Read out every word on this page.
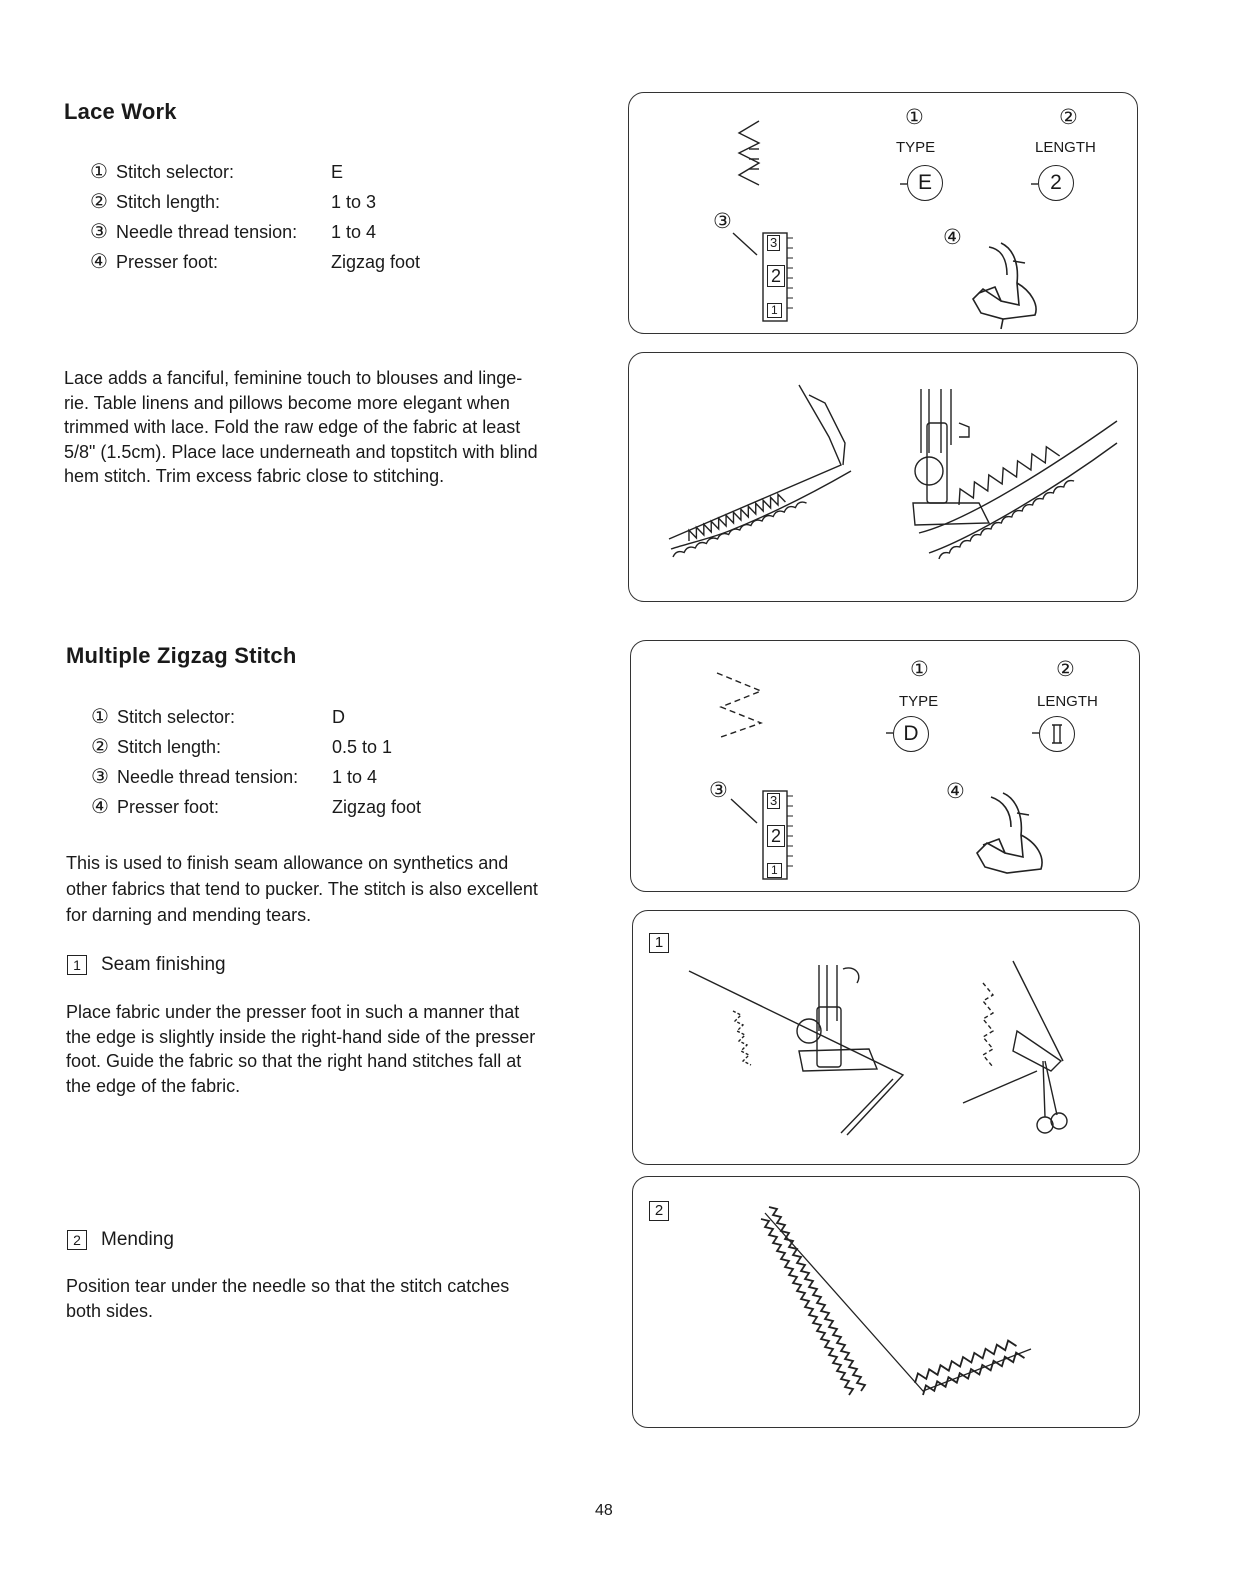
Lace Work
① Stitch selector:	E
② Stitch length:	1 to 3
③ Needle thread tension:	1 to 4
④ Presser foot:	Zigzag foot
Lace adds a fanciful, feminine touch to blouses and linge-
rie. Table linens and pillows become more elegant when
trimmed with lace. Fold the raw edge of the fabric at least
5/8" (1.5cm). Place lace underneath and topstitch with blind
hem stitch. Trim excess fabric close to stitching.
①	②
TYPE	LENGTH
E	2
③
④
3
2
1
Multiple Zigzag Stitch
① Stitch selector:	D
② Stitch length:	0.5 to 1
③ Needle thread tension:	1 to 4
④ Presser foot:	Zigzag foot
This is used to finish seam allowance on synthetics and
other fabrics that tend to pucker. The stitch is also excellent
for darning and mending tears.
1	Seam finishing
Place fabric under the presser foot in such a manner that
the edge is slightly inside the right-hand side of the presser
foot. Guide the fabric so that the right hand stitches fall at
the edge of the fabric.
2	Mending
Position tear under the needle so that the stitch catches
both sides.
①	②
TYPE	LENGTH
D
③	④
3
2
1
1
2
48
